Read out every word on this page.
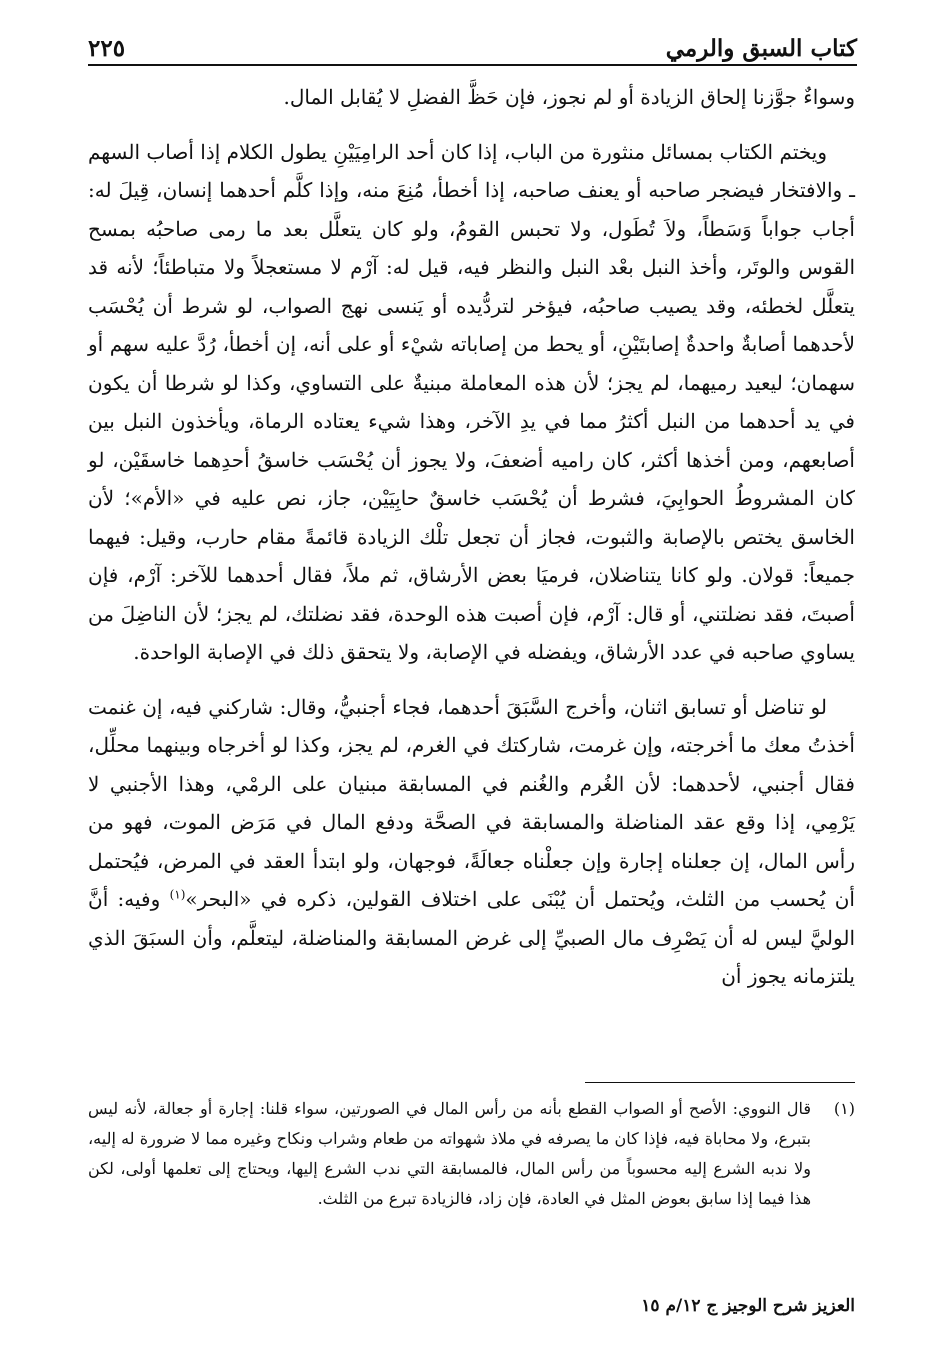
كتاب السبق والرمي
٢٢٥

وسواءٌ جوَّزنا إلحاق الزيادة أو لم نجوز، فإن حَظَّ الفضلِ لا يُقابل المال.

ويختم الكتاب بمسائل منثورة من الباب، إذا كان أحد الرامِيَيْنِ يطول الكلام إذا أصاب السهم ـ والافتخار فيضجر صاحبه أو يعنف صاحبه، إذا أخطأ، مُنِعَ منه، وإذا كلَّم أحدهما إنسان، قِيلَ له: أجاب جواباً وَسَطاً، ولاَ تُطَول، ولا تحبس القومُ، ولو كان يتعلَّل بعد ما رمى صاحبُه بمسح القوس والوتَر، وأخذ النبل بعْد النبل والنظر فيه، قيل له: آرْم لا مستعجلاً ولا متباطئاً؛ لأنه قد يتعلَّل لخطئه، وقد يصيب صاحبُه، فيؤخر لتردُّيده أو يَنسى نهج الصواب، لو شرط أن يُحْسَب لأحدهما أصابةٌ واحدةٌ إصابتَيْنِ، أو يحط من إصاباته شيْء أو على أنه، إن أخطأ، رُدَّ عليه سهم أو سهمان؛ ليعيد رميهما، لم يجز؛ لأن هذه المعاملة مبنيةٌ على التساوي، وكذا لو شرطا أن يكون في يد أحدهما من النبل أكثرُ مما في يدِ الآخر، وهذا شيء يعتاده الرماة، ويأخذون النبل بين أصابعهم، ومن أخذها أكثر، كان راميه أضعفَ، ولا يجوز أن يُحْسَب خاسقُ أحدِهما خاسقَيْن، لو كان المشروطُ الحوابِيَ، فشرط أن يُحْسَب خاسقٌ حابِيَيْن، جاز، نص عليه في «الأم»؛ لأن الخاسق يختص بالإصابة والثبوت، فجاز أن تجعل تلْك الزيادة قائمةً مقام حارب، وقيل: فيهما جميعاً: قولان. ولو كانا يتناضلان، فرميَا بعض الأرشاق، ثم ملاً، فقال أحدهما للآخر: آرْم، فإن أصبتَ، فقد نضلتني، أو قال: آرْم، فإن أصبت هذه الوحدة، فقد نضلتك، لم يجز؛ لأن الناضِلَ من يساوي صاحبه في عدد الأرشاق، ويفضله في الإصابة، ولا يتحقق ذلك في الإصابة الواحدة.

لو تناضل أو تسابق اثنان، وأخرج السَّبَقَ أحدهما، فجاء أجنبيُّ، وقال: شاركني فيه، إن غنمت أخذتُ معك ما أخرجته، وإن غرمت، شاركتك في الغرم، لم يجز، وكذا لو أخرجاه وبينهما محلِّل، فقال أجنبي، لأحدهما: لأن الغُرم والغُنم في المسابقة مبنيان على الرمْي، وهذا الأجنبي لا يَرْمِي، إذا وقع عقد المناضلة والمسابقة في الصحَّة ودفع المال في مَرَض الموت، فهو من رأس المال، إن جعلناه إجارة وإن جعلْناه جعالَةً، فوجهان، ولو ابتدأ العقد في المرض، فيُحتمل أن يُحسب من الثلث، ويُحتمل أن يُبْنَى على اختلاف القولين، ذكره في «البحر»$^{(١)}$ وفيه: أنَّ الوليَّ ليس له أن يَصْرِف مال الصبيِّ إلى غرض المسابقة والمناضلة، ليتعلَّم، وأن السبَقَ الذي يلتزمانه يجوز أن

(١)
قال النووي: الأصح أو الصواب القطع بأنه من رأس المال في الصورتين، سواء قلنا: إجارة أو جعالة، لأنه ليس بتبرع، ولا محاباة فيه، فإذا كان ما يصرفه في ملاذ شهواته من طعام وشراب ونكاح وغيره مما لا ضرورة له إليه، ولا ندبه الشرع إليه محسوباً من رأس المال، فالمسابقة التي ندب الشرع إليها، ويحتاج إلى تعلمها أولى، لكن هذا فيما إذا سابق بعوض المثل في العادة، فإن زاد، فالزيادة تبرع من الثلث.
العزيز شرح الوجيز ج ١٢/م ١٥
